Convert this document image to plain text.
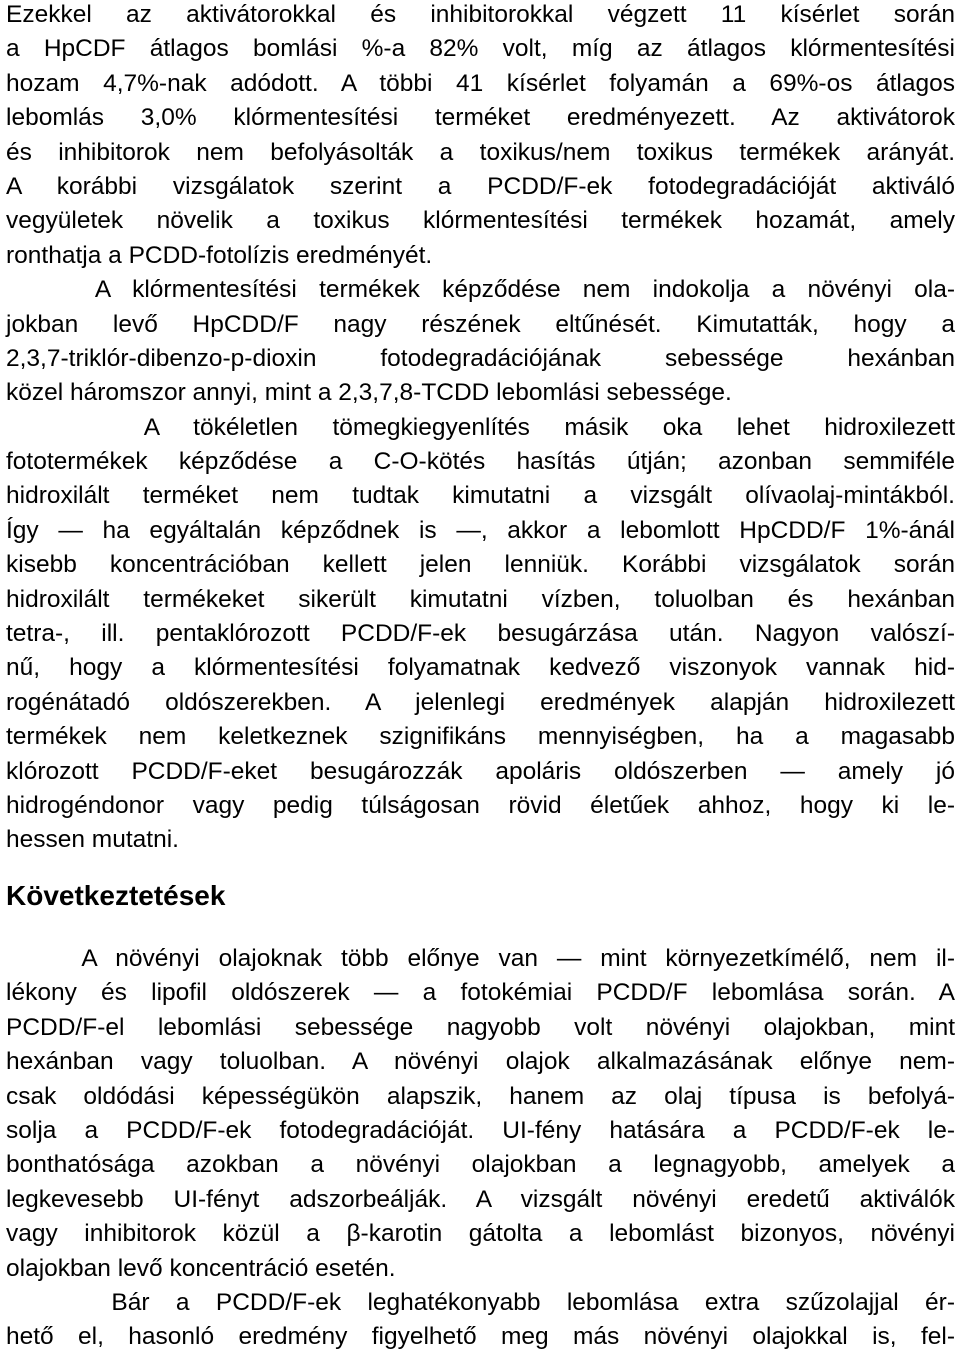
Ezekkel az aktivátorokkal és inhibitorokkal végzett 11 kísérlet során
a HpCDF átlagos bomlási %-a 82% volt, míg az átlagos klórmentesítési
hozam 4,7%-nak adódott. A többi 41 kísérlet folyamán a 69%-os átlagos
lebomlás 3,0% klórmentesítési terméket eredményezett. Az aktivátorok
és inhibitorok nem befolyásolták a toxikus/nem toxikus termékek arányát.
A korábbi vizsgálatok szerint a PCDD/F-ek fotodegradációját aktiváló
vegyületek növelik a toxikus klórmentesítési termékek hozamát, amely
ronthatja a PCDD-fotolízis eredményét.
A klórmentesítési termékek képződése nem indokolja a növényi ola-
jokban levő HpCDD/F nagy részének eltűnését. Kimutatták, hogy a
2,3,7-triklór-dibenzo-p-dioxin fotodegradációjának sebessége hexánban
közel háromszor annyi, mint a 2,3,7,8-TCDD lebomlási sebessége.
A tökéletlen tömegkiegyenlítés másik oka lehet hidroxilezett
fototermékek képződése a C-O-kötés hasítás útján; azonban semmiféle
hidroxilált terméket nem tudtak kimutatni a vizsgált olívaolaj-mintákból.
Így — ha egyáltalán képződnek is —, akkor a lebomlott HpCDD/F 1%-ánál
kisebb koncentrációban kellett jelen lenniük. Korábbi vizsgálatok során
hidroxilált termékeket sikerült kimutatni vízben, toluolban és hexánban
tetra-, ill. pentaklórozott PCDD/F-ek besugárzása után. Nagyon valószí-
nű, hogy a klórmentesítési folyamatnak kedvező viszonyok vannak hid-
rogénátadó oldószerekben. A jelenlegi eredmények alapján hidroxilezett
termékek nem keletkeznek szignifikáns mennyiségben, ha a magasabb
klórozott PCDD/F-eket besugározzák apoláris oldószerben — amely jó
hidrogéndonor vagy pedig túlságosan rövid életűek ahhoz, hogy ki le-
hessen mutatni.
Következtetések
A növényi olajoknak több előnye van — mint környezetkímélő, nem il-
lékony és lipofil oldószerek — a fotokémiai PCDD/F lebomlása során. A
PCDD/F-el lebomlási sebessége nagyobb volt növényi olajokban, mint
hexánban vagy toluolban. A növényi olajok alkalmazásának előnye nem-
csak oldódási képességükön alapszik, hanem az olaj típusa is befolyá-
solja a PCDD/F-ek fotodegradációját. UI-fény hatására a PCDD/F-ek le-
bonthatósága azokban a növényi olajokban a legnagyobb, amelyek a
legkevesebb UI-fényt adszorbeálják. A vizsgált növényi eredetű aktiválók
vagy inhibitorok közül a β-karotin gátolta a lebomlást bizonyos, növényi
olajokban levő koncentráció esetén.
Bár a PCDD/F-ek leghatékonyabb lebomlása extra szűzolajjal ér-
hető el, hasonló eredmény figyelhető meg más növényi olajokkal is, fel-
